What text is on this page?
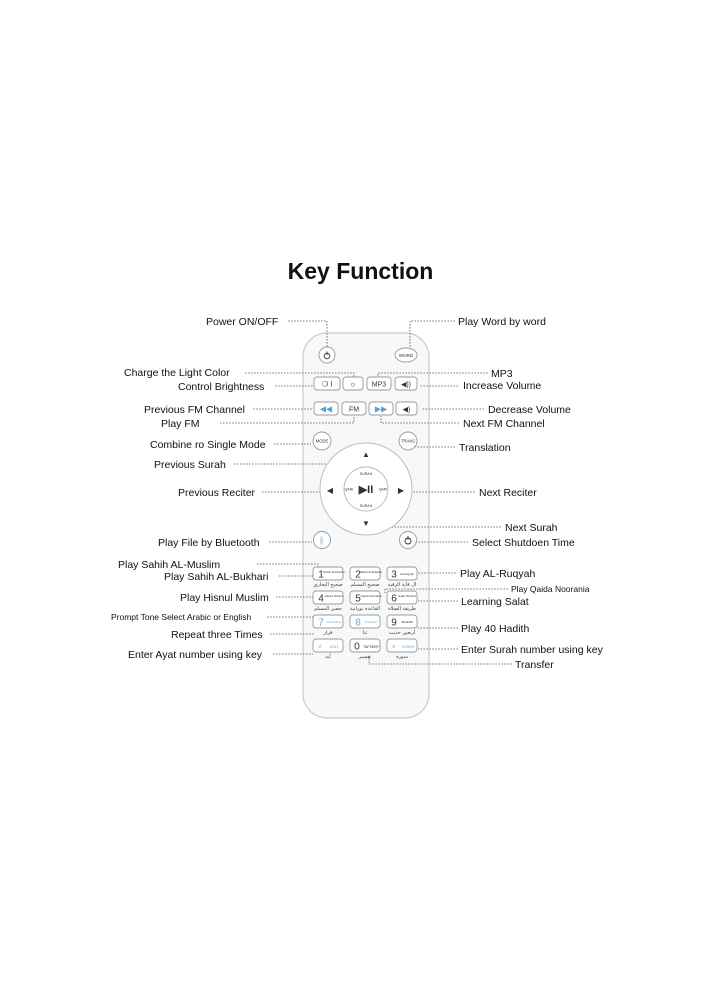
Key Function
WORD
❍ ǀ ☼ MP3 ◀))
◀◀ FM ▶▶ ◀)
MODE	TRANS
▲
▼
◀	▶
▶II
SURAH
SURAH
QARI	QARI
ᛒ
1 Sahih Al-Muslim
صحيح البخاري
2 Sahih Al-Bukhari
صحيح المسلم
3 Al-Ruqyah
ال قاية الرقية
4 Hisnul Muslim
حصن المسلم
5 Qaida Noorania
القاعدة نورانية
6 Salat Method
طريقة الصلاة
7 Arabic/Eng
قرار
8 3 Repeat
ثنا
9 40Hadith
أربعين حديث
⌕ AYAT
آية
0 TAFSEER
تفسير
⌕ SURAH
سورة
Power ON/OFF	Play Word by word
Charge the Light Color
Control Brightness
MP3
Increase Volume
Previous FM Channel
Play FM
Decrease Volume
Next FM Channel
Combine ro Single Mode	Translation
Previous Surah
Previous Reciter	Next Reciter
Next Surah
Play File by Bluetooth	Select Shutdoen Time
Play Sahih AL-Muslim
Play Sahih AL-Bukhari	Play AL-Ruqyah
Play Qaida Noorania
Play Hisnul Muslim	Learning Salat
Prompt Tone Select Arabic or English
Repeat three Times	Play 40 Hadith
Enter Ayat number using key	Enter Surah number using key
Transfer
